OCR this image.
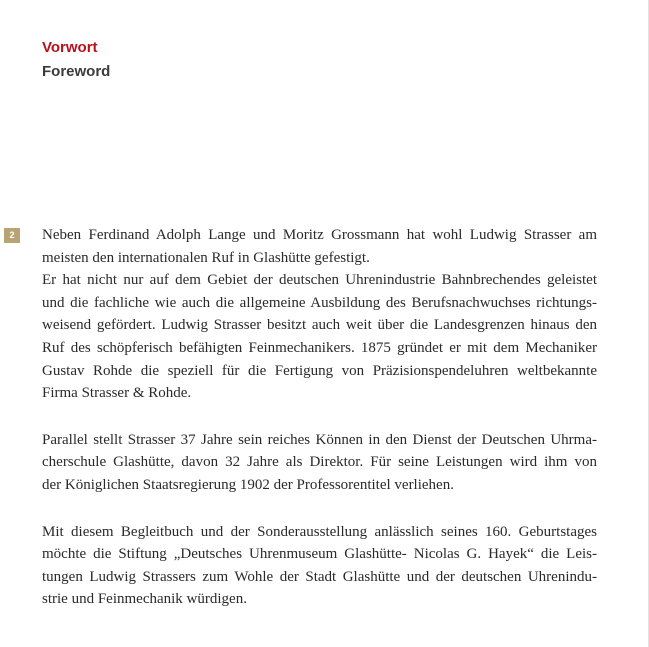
Vorwort
Foreword
2	Neben Ferdinand Adolph Lange und Moritz Grossmann hat wohl Ludwig Strasser am
meisten den internationalen Ruf in Glashütte gefestigt.
Er hat nicht nur auf dem Gebiet der deutschen Uhrenindustrie Bahnbrechendes geleistet
und die fachliche wie auch die allgemeine Ausbildung des Berufsnachwuchses richtungs-
weisend gefördert. Ludwig Strasser besitzt auch weit über die Landesgrenzen hinaus den
Ruf des schöpferisch befähigten Feinmechanikers. 1875 gründet er mit dem Mechaniker
Gustav Rohde die speziell für die Fertigung von Präzisionspendeluhren weltbekannte
Firma Strasser & Rohde.
Parallel stellt Strasser 37 Jahre sein reiches Können in den Dienst der Deutschen Uhrma-
cherschule Glashütte, davon 32 Jahre als Direktor. Für seine Leistungen wird ihm von
der Königlichen Staatsregierung 1902 der Professorentitel verliehen.
Mit diesem Begleitbuch und der Sonderausstellung anlässlich seines 160. Geburtstages
möchte die Stiftung „Deutsches Uhrenmuseum Glashütte- Nicolas G. Hayek“ die Leis-
tungen Ludwig Strassers zum Wohle der Stadt Glashütte und der deutschen Uhrenindu-
strie und Feinmechanik würdigen.
